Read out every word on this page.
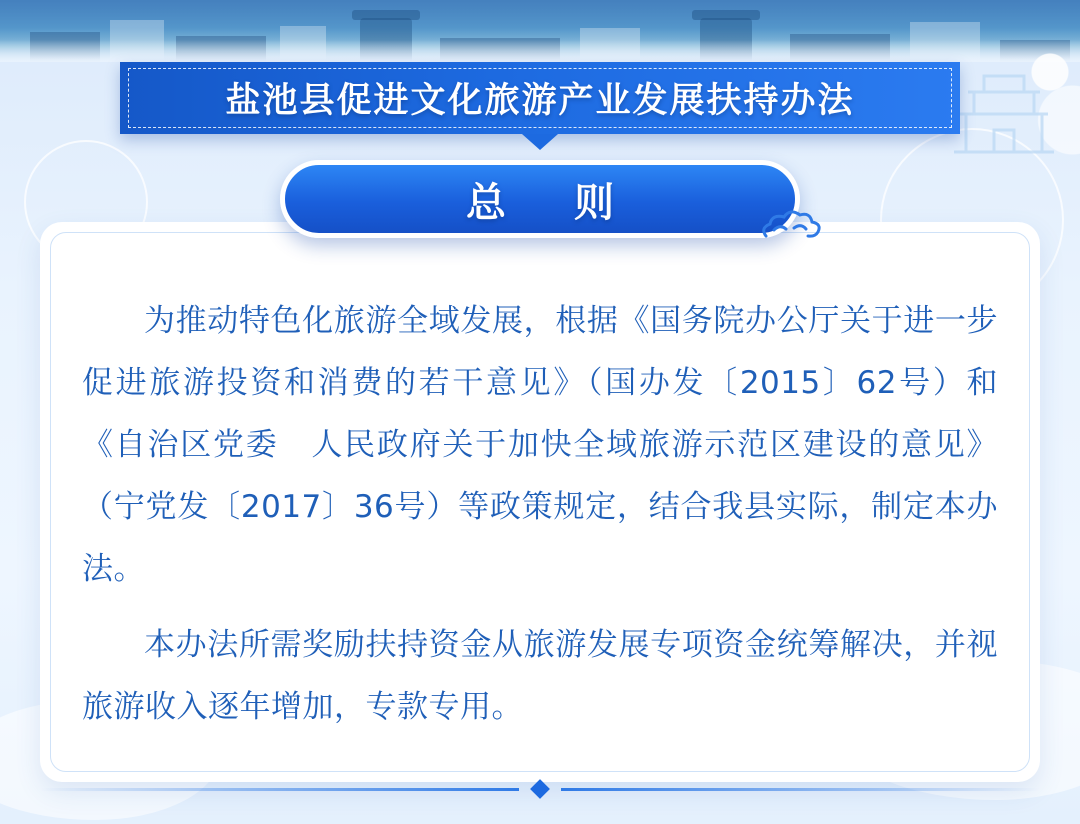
盐池县促进文化旅游产业发展扶持办法
总　则

为推动特色化旅游全域发展，根据《国务院办公厅关于进一步促进旅游投资和消费的若干意见》（国办发〔2015〕62号）和《自治区党委　人民政府关于加快全域旅游示范区建设的意见》（宁党发〔2017〕36号）等政策规定，结合我县实际，制定本办法。

本办法所需奖励扶持资金从旅游发展专项资金统筹解决，并视旅游收入逐年增加，专款专用。
